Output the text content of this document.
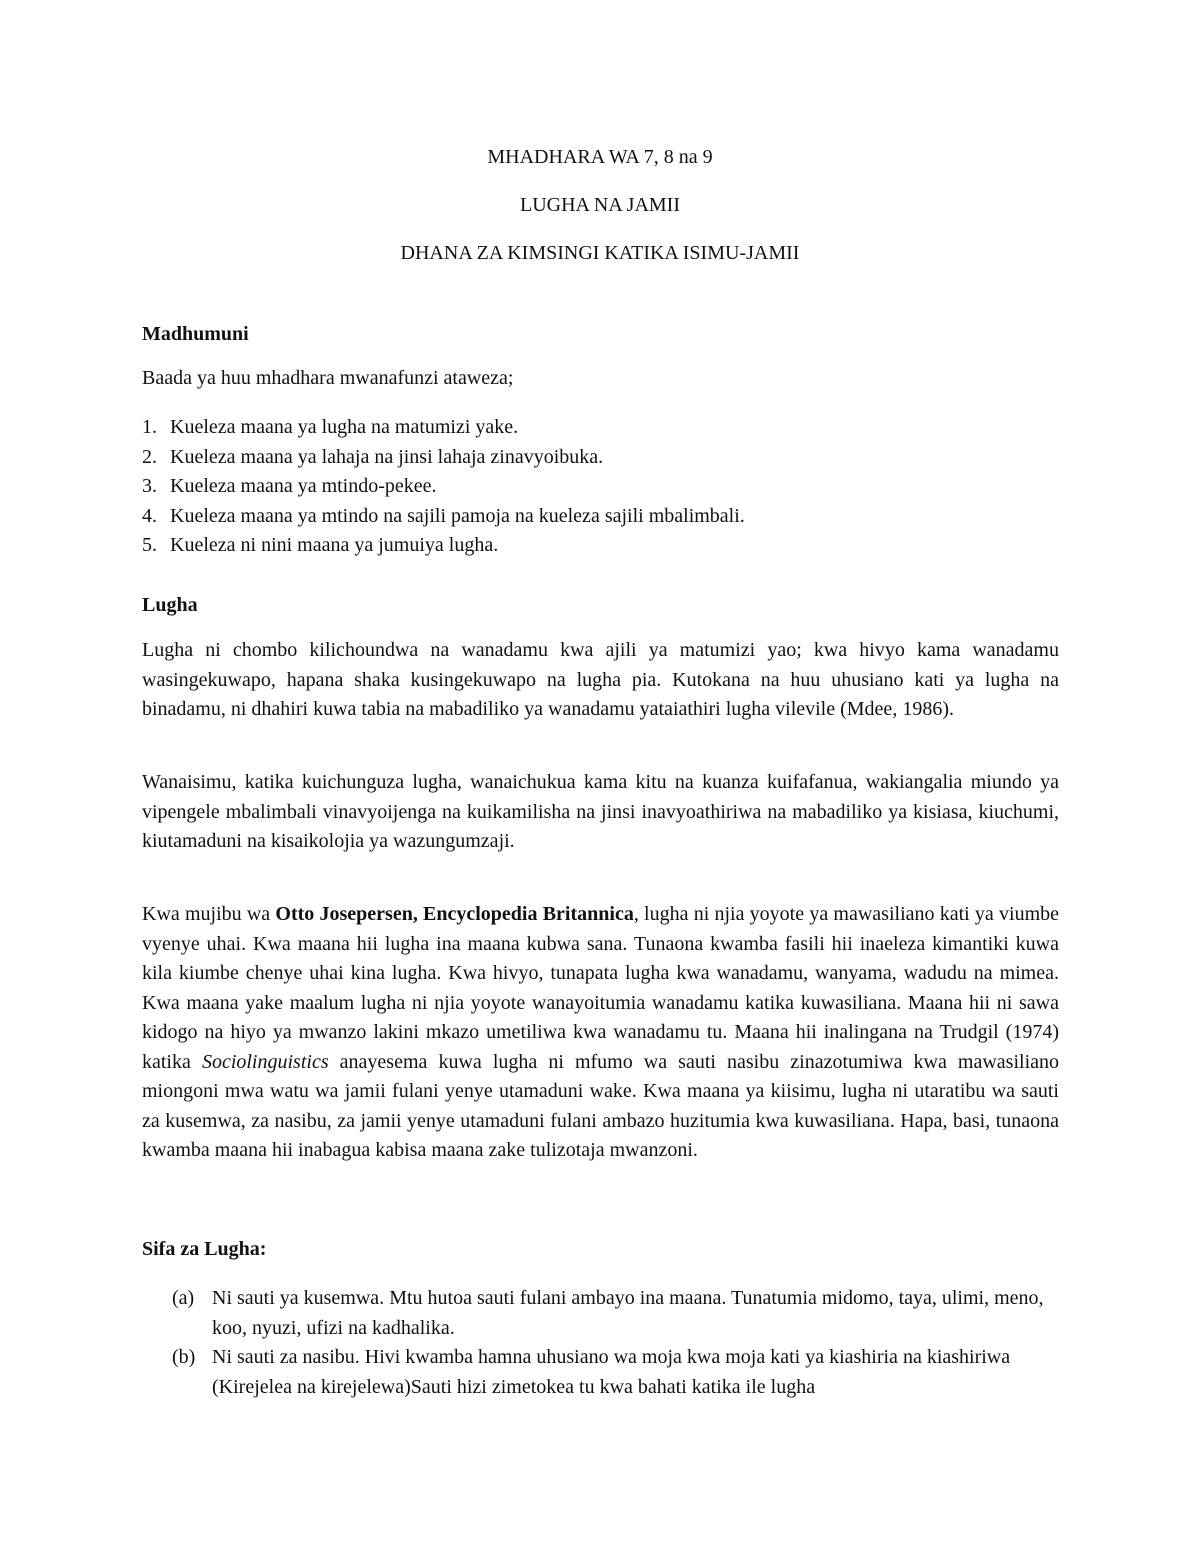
MHADHARA WA 7, 8 na 9
LUGHA NA JAMII
DHANA ZA KIMSINGI KATIKA ISIMU-JAMII
Madhumuni
Baada ya huu mhadhara mwanafunzi ataweza;
1. Kueleza maana ya lugha na matumizi yake.
2. Kueleza maana ya lahaja na jinsi lahaja zinavyoibuka.
3. Kueleza maana ya mtindo-pekee.
4. Kueleza maana ya mtindo na sajili pamoja na kueleza sajili mbalimbali.
5. Kueleza ni nini maana ya jumuiya lugha.
Lugha
Lugha ni chombo kilichoundwa na wanadamu kwa ajili ya matumizi yao; kwa hivyo kama wanadamu wasingekuwapo, hapana shaka kusingekuwapo na lugha pia. Kutokana na huu uhusiano kati ya lugha na binadamu, ni dhahiri kuwa tabia na mabadiliko ya wanadamu yataiathiri lugha vilevile (Mdee, 1986).
Wanaisimu, katika kuichunguza lugha, wanaichukua kama kitu na kuanza kuifafanua, wakiangalia miundo ya vipengele mbalimbali vinavyoijenga na kuikamilisha na jinsi inavyoathiriwa na mabadiliko ya kisiasa, kiuchumi, kiutamaduni na kisaikolojia ya wazungumzaji.
Kwa mujibu wa Otto Josepersen, Encyclopedia Britannica, lugha ni njia yoyote ya mawasiliano kati ya viumbe vyenye uhai. Kwa maana hii lugha ina maana kubwa sana. Tunaona kwamba fasili hii inaeleza kimantiki kuwa kila kiumbe chenye uhai kina lugha. Kwa hivyo, tunapata lugha kwa wanadamu, wanyama, wadudu na mimea. Kwa maana yake maalum lugha ni njia yoyote wanayoitumia wanadamu katika kuwasiliana. Maana hii ni sawa kidogo na hiyo ya mwanzo lakini mkazo umetiliwa kwa wanadamu tu. Maana hii inalingana na Trudgil (1974) katika Sociolinguistics anayesema kuwa lugha ni mfumo wa sauti nasibu zinazotumiwa kwa mawasiliano miongoni mwa watu wa jamii fulani yenye utamaduni wake. Kwa maana ya kiisimu, lugha ni utaratibu wa sauti za kusemwa, za nasibu, za jamii yenye utamaduni fulani ambazo huzitumia kwa kuwasiliana. Hapa, basi, tunaona kwamba maana hii inabagua kabisa maana zake tulizotaja mwanzoni.
Sifa za Lugha:
(a) Ni sauti ya kusemwa. Mtu hutoa sauti fulani ambayo ina maana. Tunatumia midomo, taya, ulimi, meno, koo, nyuzi, ufizi na kadhalika.
(b) Ni sauti za nasibu. Hivi kwamba hamna uhusiano wa moja kwa moja kati ya kiashiria na kiashiriwa (Kirejelea na kirejelewa)Sauti hizi zimetokea tu kwa bahati katika ile lugha
